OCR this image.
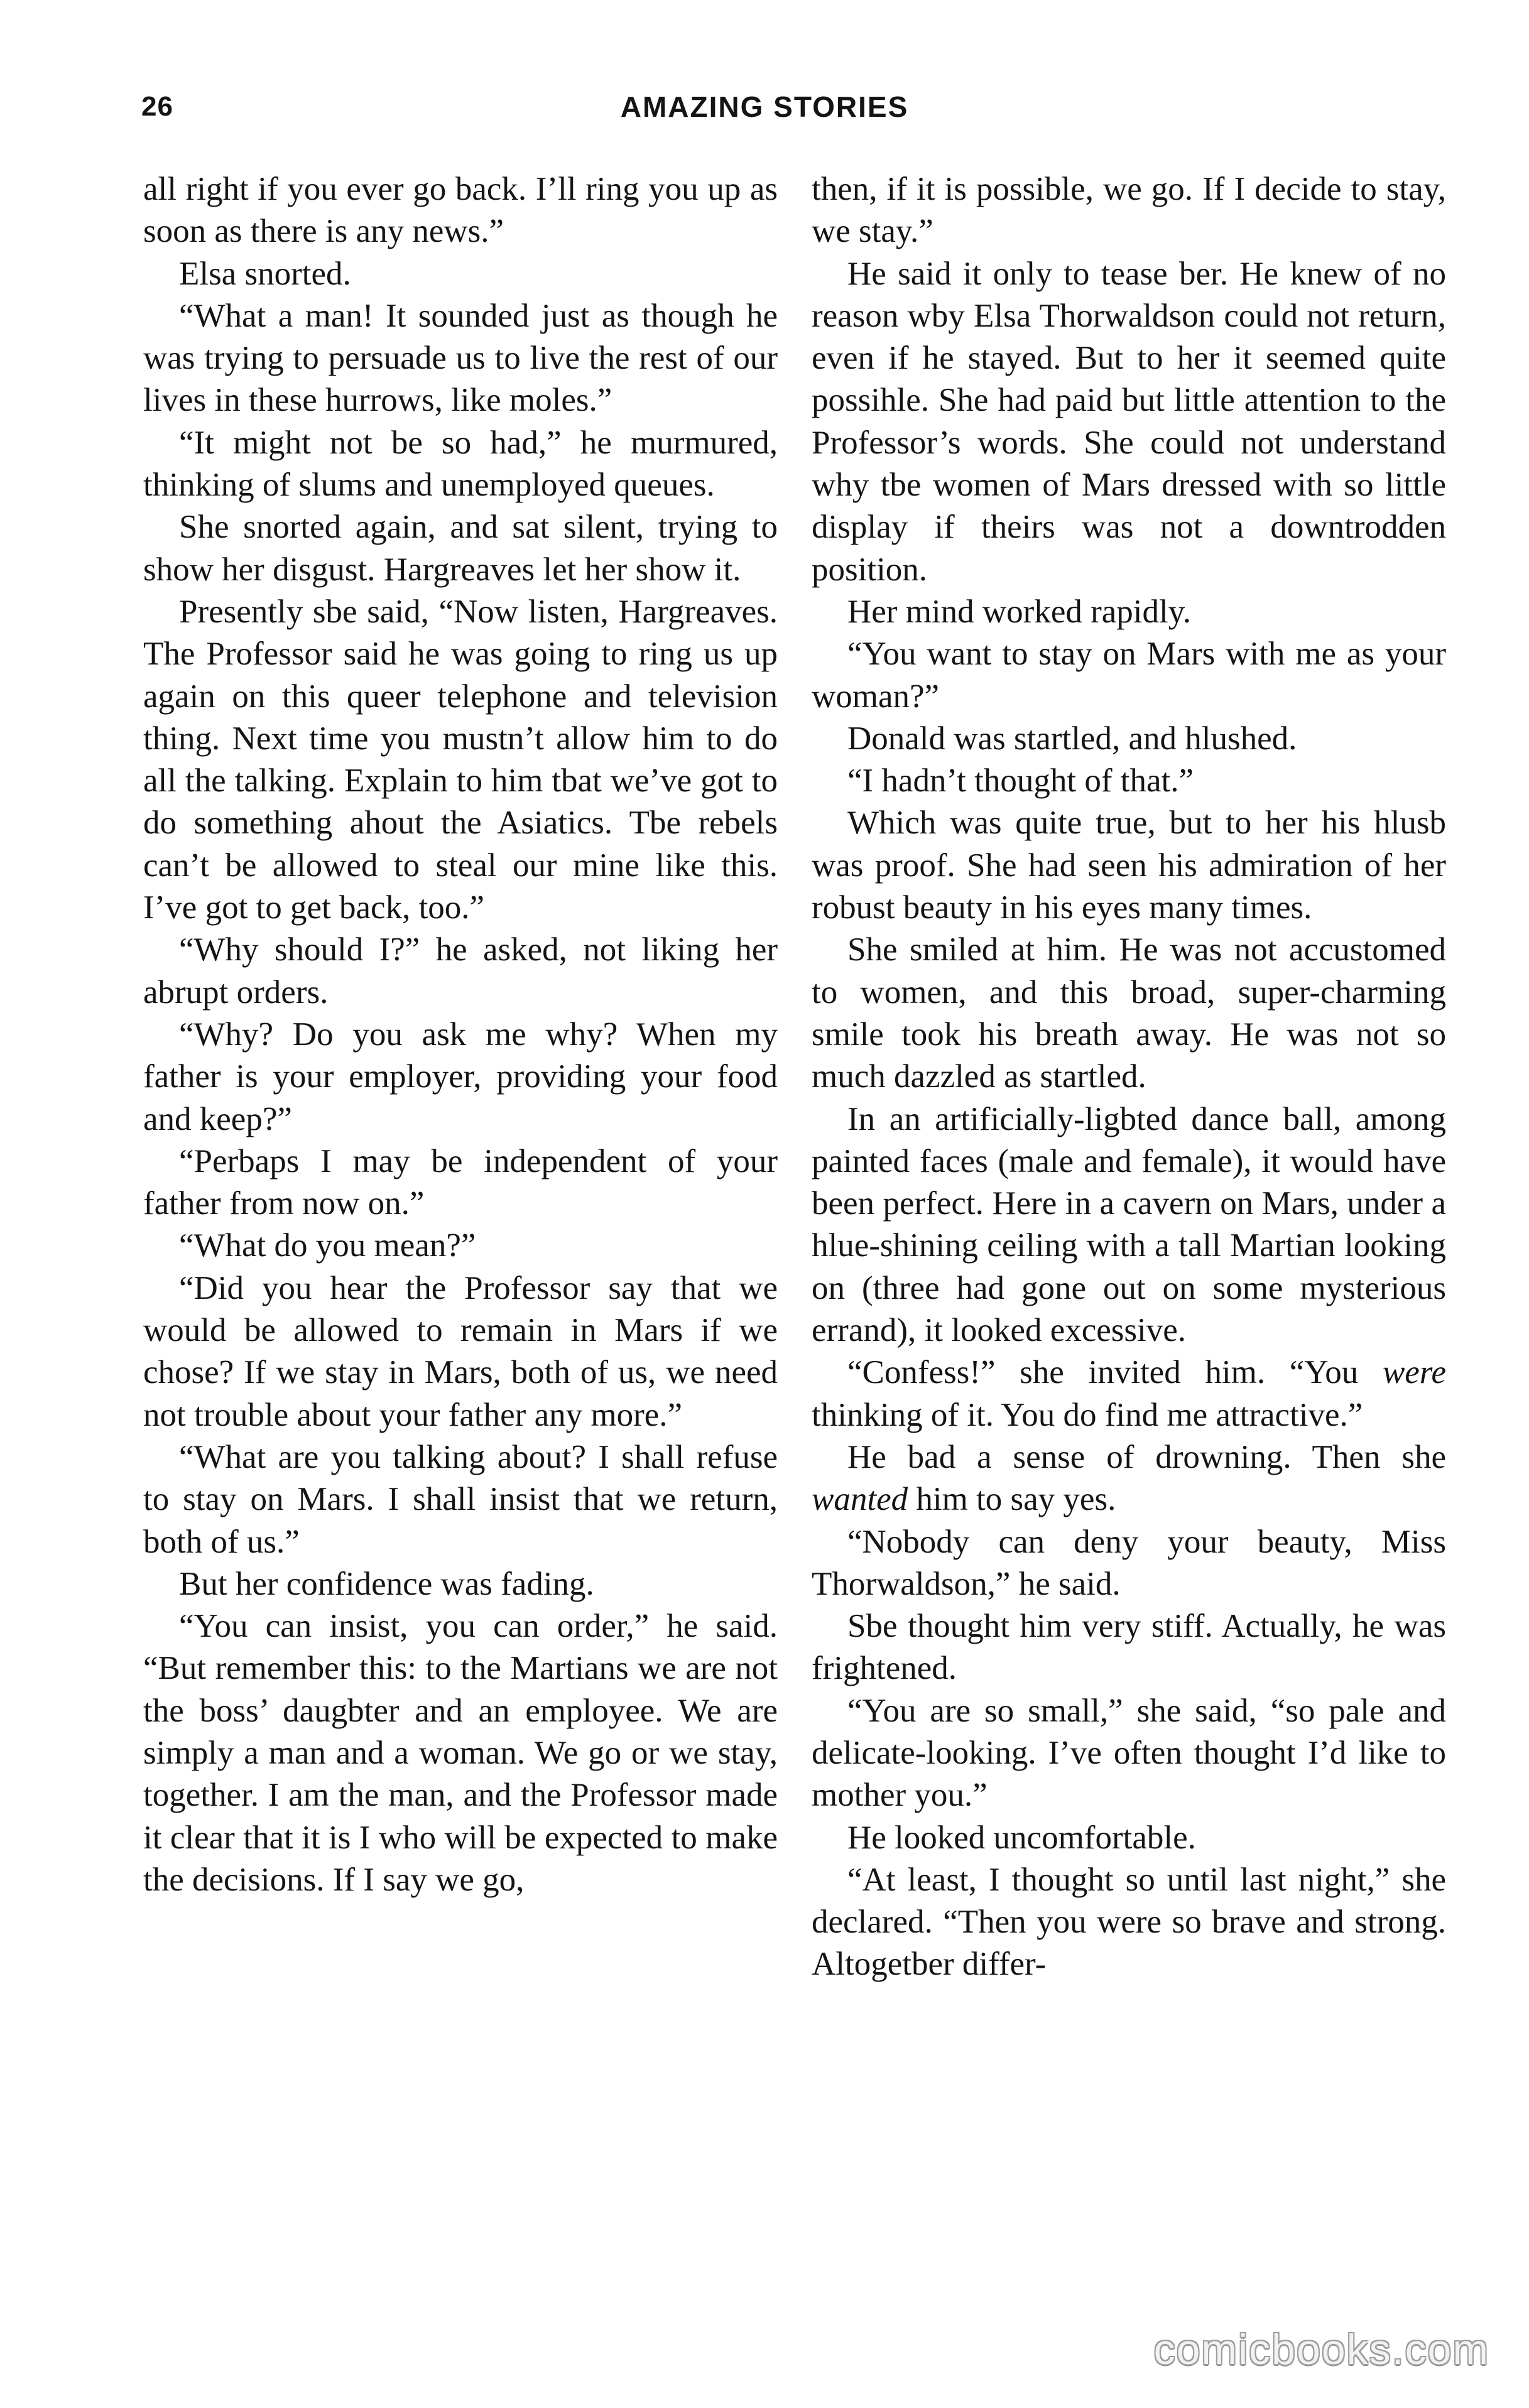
26	AMAZING STORIES

all right if you ever go back. I’ll ring you up as soon as there is any news.”

Elsa snorted.

“What a man! It sounded just as though he was trying to persuade us to live the rest of our lives in these hurrows, like moles.”

“It might not be so had,” he murmured, thinking of slums and unemployed queues.

She snorted again, and sat silent, trying to show her disgust. Hargreaves let her show it.

Presently sbe said, “Now listen, Hargreaves. The Professor said he was going to ring us up again on this queer telephone and television thing. Next time you mustn’t allow him to do all the talking. Explain to him tbat we’ve got to do something ahout the Asiatics. Tbe rebels can’t be allowed to steal our mine like this. I’ve got to get back, too.”

“Why should I?” he asked, not liking her abrupt orders.

“Why? Do you ask me why? When my father is your employer, providing your food and keep?”

“Perbaps I may be independent of your father from now on.”

“What do you mean?”

“Did you hear the Professor say that we would be allowed to remain in Mars if we chose? If we stay in Mars, both of us, we need not trouble about your father any more.”

“What are you talking about? I shall refuse to stay on Mars. I shall insist that we return, both of us.”

But her confidence was fading.

“You can insist, you can order,” he said. “But remember this: to the Martians we are not the boss’ daugbter and an employee. We are simply a man and a woman. We go or we stay, together. I am the man, and the Professor made it clear that it is I who will be expected to make the decisions. If I say we go,

then, if it is possible, we go. If I decide to stay, we stay.”

He said it only to tease ber. He knew of no reason wby Elsa Thorwaldson could not return, even if he stayed. But to her it seemed quite possihle. She had paid but little attention to the Professor’s words. She could not understand why tbe women of Mars dressed with so little display if theirs was not a downtrodden position.

Her mind worked rapidly.

“You want to stay on Mars with me as your woman?”

Donald was startled, and hlushed.

“I hadn’t thought of that.”

Which was quite true, but to her his hlusb was proof. She had seen his admiration of her robust beauty in his eyes many times.

She smiled at him. He was not accustomed to women, and this broad, super-charming smile took his breath away. He was not so much dazzled as startled.

In an artificially-ligbted dance ball, among painted faces (male and female), it would have been perfect. Here in a cavern on Mars, under a hlue-shining ceiling with a tall Martian looking on (three had gone out on some mysterious errand), it looked excessive.

“Confess!” she invited him. “You were thinking of it. You do find me attractive.”

He bad a sense of drowning. Then she wanted him to say yes.

“Nobody can deny your beauty, Miss Thorwaldson,” he said.

Sbe thought him very stiff. Actually, he was frightened.

“You are so small,” she said, “so pale and delicate-looking. I’ve often thought I’d like to mother you.”

He looked uncomfortable.

“At least, I thought so until last night,” she declared. “Then you were so brave and strong. Altogetber differ-

comicbooks.com
